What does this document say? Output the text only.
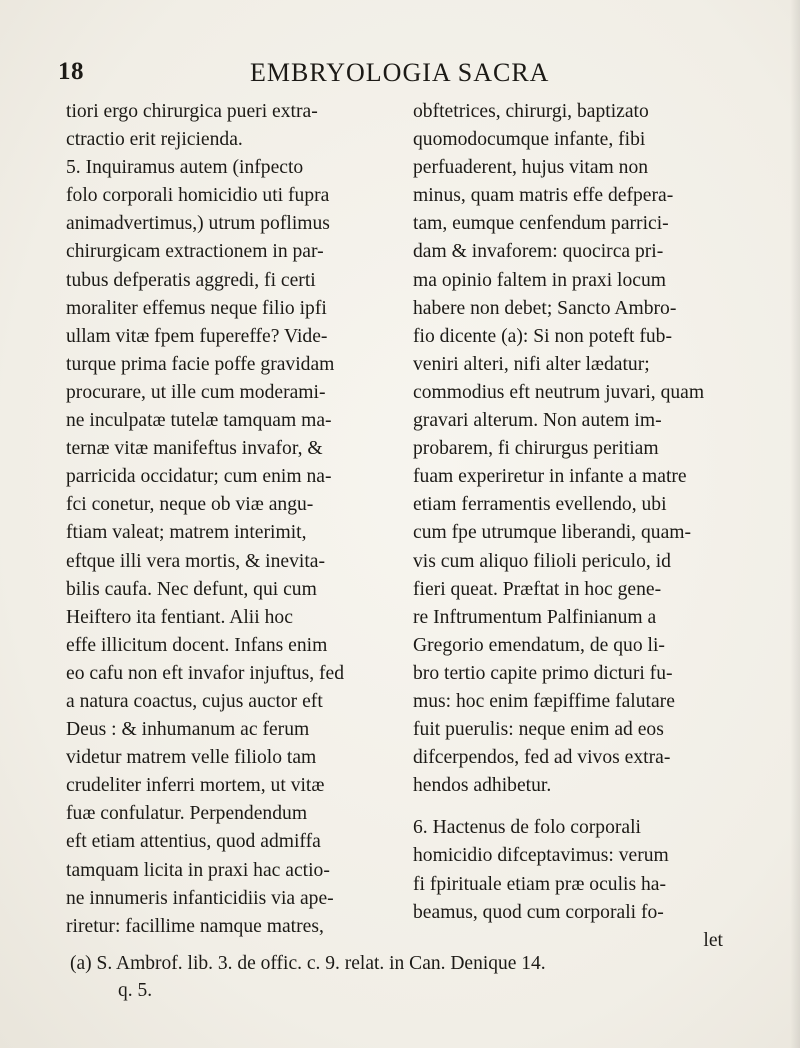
18	EMBRYOLOGIA SACRA
tiori ergo chirurgica pueri extra-
ctractio erit rejicienda.
5. Inquiramus autem (infpecto
folo corporali homicidio uti fupra
animadvertimus,) utrum poflimus
chirurgicam extractionem in par-
tubus defperatis aggredi, fi certi
moraliter effemus neque filio ipfi
ullam vitæ fpem fupereffe? Vide-
turque prima facie poffe gravidam
procurare, ut ille cum moderami-
ne inculpatæ tutelæ tamquam ma-
ternæ vitæ manifeftus invafor, &
parricida occidatur; cum enim na-
fci conetur, neque ob viæ angu-
ftiam valeat; matrem interimit,
eftque illi vera mortis, & inevita-
bilis caufa. Nec defunt, qui cum
Heiftero ita fentiant. Alii hoc
effe illicitum docent. Infans enim
eo cafu non eft invafor injuftus, fed
a natura coactus, cujus auctor eft
Deus : & inhumanum ac ferum
videtur matrem velle filiolo tam
crudeliter inferri mortem, ut vitæ
fuæ confulatur. Perpendendum
eft etiam attentius, quod admiffa
tamquam licita in praxi hac actio-
ne innumeris infanticidiis via ape-
riretur: facillime namque matres,
obftetrices, chirurgi, baptizato
quomodocumque infante, fibi
perfuaderent, hujus vitam non
minus, quam matris effe defpera-
tam, eumque cenfendum parrici-
dam & invaforem: quocirca pri-
ma opinio faltem in praxi locum
habere non debet; Sancto Ambro-
fio dicente (a): Si non poteft fub-
veniri alteri, nifi alter lædatur;
commodius eft neutrum juvari, quam
gravari alterum. Non autem im-
probarem, fi chirurgus peritiam
fuam experiretur in infante a matre
etiam ferramentis evellendo, ubi
cum fpe utrumque liberandi, quam-
vis cum aliquo filioli periculo, id
fieri queat. Præftat in hoc gene-
re Inftrumentum Palfinianum a
Gregorio emendatum, de quo li-
bro tertio capite primo dicturi fu-
mus: hoc enim fæpiffime falutare
fuit puerulis: neque enim ad eos
difcerpendos, fed ad vivos extra-
hendos adhibetur.
6. Hactenus de folo corporali
homicidio difceptavimus: verum
fi fpirituale etiam præ oculis ha-
beamus, quod cum corporali fo-
let
(a) S. Ambrof. lib. 3. de offic. c. 9. relat. in Can. Denique 14.
q. 5.
